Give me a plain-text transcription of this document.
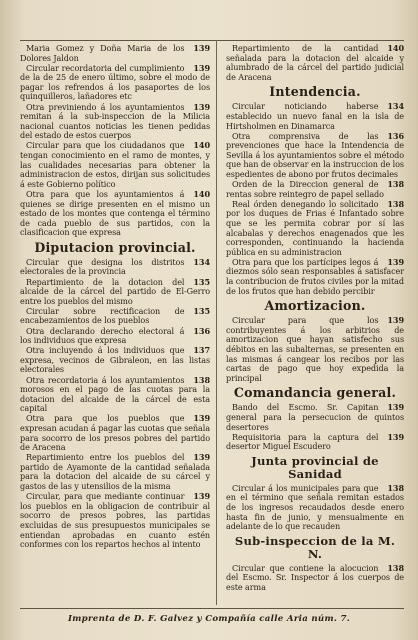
139
Maria Gomez y Doña Maria de los Dolores Jaldon
139
Circular recordatoria del cumplimiento de la de 25 de enero último, sobre el modo de pagar los refrendos á los pasaportes de los quinquilleros, lañadores etc
139
Otra previniendo á los ayuntamientos remitan á la sub-inspeccion de la Milicia nacional cuantos noticias les tienen pedidas del estado de estos cuerpos
140
Circular para que los ciudadanos que tengan conocimiento en el ramo de montes, y las cualidades necesarias para obtener la administracion de estos, dirijan sus solicitudes á este Gobierno político
140
Otra para que los ayuntamientos á quienes se dirige presenten en el mismo un estado de los montes que contenga el término de cada pueblo de sus partidos, con la clasificacion que expresa
Diputacion provincial.
134
Circular que designa los distritos electorales de la provincia
135
Repartimiento de la dotacion del alcaide de la cárcel del partido de El-Gerro entre los pueblos del mismo
135
Circular sobre rectificacion de encabezamientos de los pueblos
136
Otra declarando derecho electoral á los individuos que expresa
137
Otra incluyendo á los individuos que expresa, vecinos de Gibraleon, en las listas electorales
138
Otra recordatoria á los ayuntamientos morosos en el pago de las cuotas para la dotacion del alcaide de la cárcel de esta capital
139
Otra para que los pueblos que expresan acudan á pagar las cuotas que señala para socorro de los presos pobres del partido de Aracena
139
Repartimiento entre los pueblos del partido de Ayamonte de la cantidad señalada para la dotacion del alcaide de su cárcel y gastos de las y utensilios de la misma
139
Circular, para que mediante continuar los pueblos en la obligacion de contribuir al socorro de presos pobres, las partidas excluidas de sus presupuestos municipales se entiendan aprobadas en cuanto estén conformes con los repartos hechos al intento
140
Repartimiento de la cantidad señalada para la dotacion del alcaide y alumbrado de la cárcel del partido judicial de Aracena
Intendencia.
134
Circular noticiando haberse establecido un nuevo fanal en la isla de Hirtsholmen en Dinamarca
136
Otra comprensiva de las prevenciones que hace la Intendencia de Sevilla á los ayuntamientos sobre el método que han de observar en la instruccion de los espedientes de abono por frutos decimales
138
Orden de la Direccion general de rentas sobre reintegro de papel sellado
138
Real órden denegando lo solicitado por los duques de Frias é Infantado sobre que se les permita cobrar por sí las alcabalas y derechos enagenados que les corresponden, continuando la hacienda pública en su administracion
139
Otra para que los partícipes legos á diezmos sólo sean responsables á satisfacer la contribucion de frutos civiles por la mitad de los frutos que han debido percibir
Amortizacion.
139
Circular para que los contribuyentes á los arbitrios de amortizacion que hayan satisfecho sus débitos en las subalternas, se presenten en las mismas á cangear los recibos por las cartas de pago que hoy expedida la principal
Comandancia general.
139
Bando del Escmo. Sr. Capitan general para la persecucion de quintos desertores
139
Requisitoria para la captura del desertor Miguel Escudero
Junta provincial de Sanidad
138
Circular á los municipales para que en el término que señala remitan estados de los ingresos recaudados desde enero hasta fin de junio, y mensualmente en adelante de lo que recauden
Sub-inspeccion de la M. N.
138
Circular que contiene la alocucion del Escmo. Sr. Inspector á los cuerpos de este arma
Imprenta de D. F. Galvez y Compañía calle Aria núm. 7.
